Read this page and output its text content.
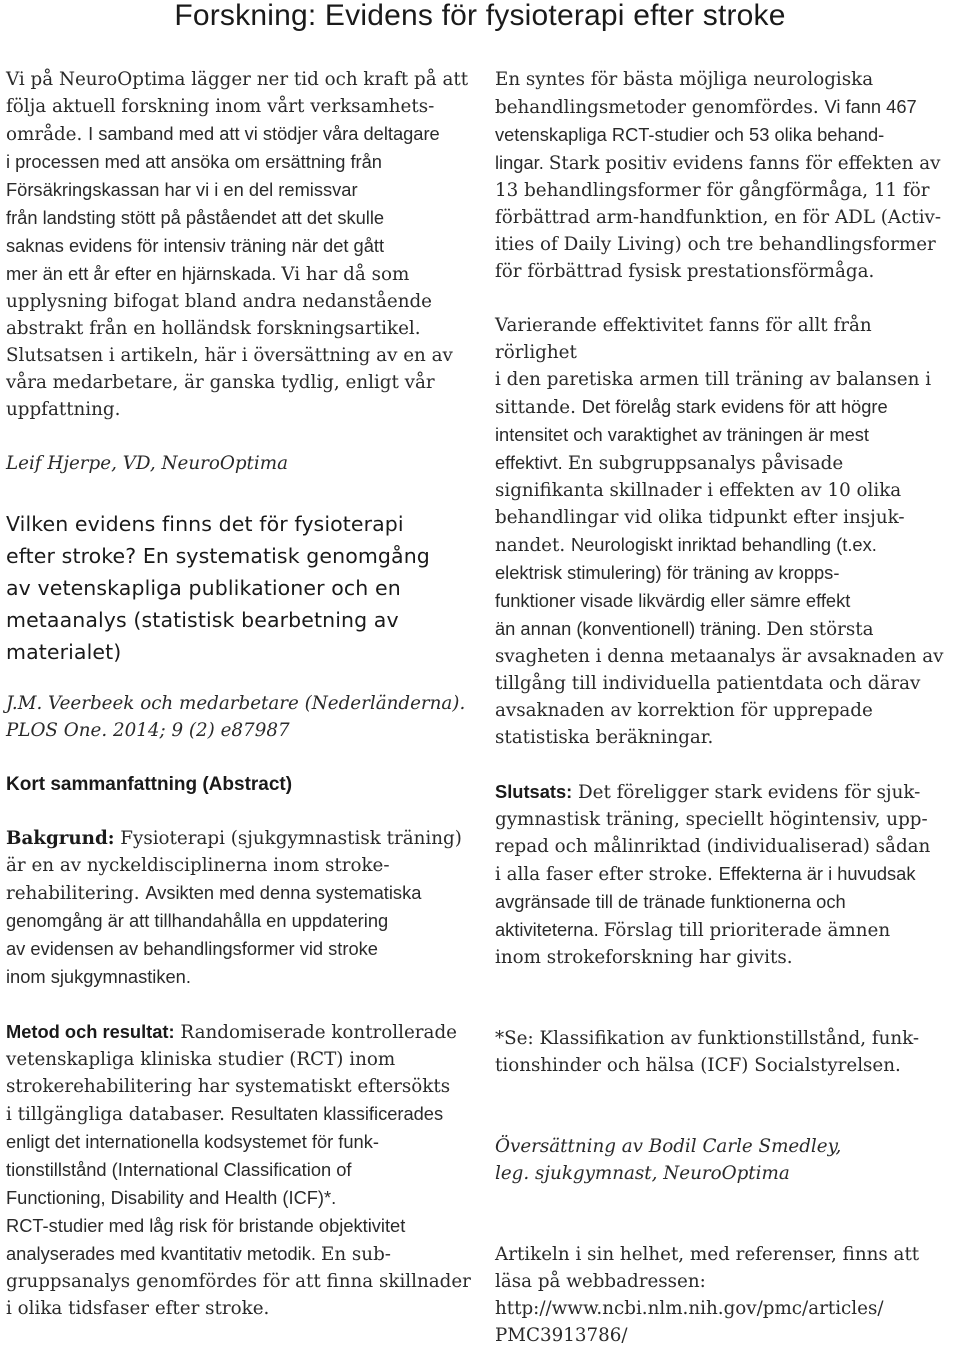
Forskning: Evidens för fysioterapi efter stroke

Vi på NeuroOptima lägger ner tid och kraft på att
följa aktuell forskning inom vårt verksamhets-
område. I samband med att vi stödjer våra deltagare
i processen med att ansöka om ersättning från
Försäkringskassan har vi i en del remissvar
från landsting stött på påståendet att det skulle
saknas evidens för intensiv träning när det gått
mer än ett år efter en hjärnskada. Vi har då som
upplysning bifogat bland andra nedanstående
abstrakt från en holländsk forskningsartikel.
Slutsatsen i artikeln, här i översättning av en av
våra medarbetare, är ganska tydlig, enligt vår
uppfattning.

Leif Hjerpe, VD, NeuroOptima

Vilken evidens finns det för fysioterapi
efter stroke? En systematisk genomgång
av vetenskapliga publikationer och en
metaanalys (statistisk bearbetning av
materialet)

J.M. Veerbeek och medarbetare (Nederländerna).
PLOS One. 2014; 9 (2) e87987

Kort sammanfattning (Abstract)

Bakgrund: Fysioterapi (sjukgymnastisk träning)
är en av nyckeldisciplinerna inom stroke-
rehabilitering. Avsikten med denna systematiska
genomgång är att tillhandahålla en uppdatering
av evidensen av behandlingsformer vid stroke
inom sjukgymnastiken.

Metod och resultat: Randomiserade kontrollerade
vetenskapliga kliniska studier (RCT) inom
strokerehabilitering har systematiskt eftersökts
i tillgängliga databaser. Resultaten klassificerades
enligt det internationella kodsystemet för funk-
tionstillstånd (International Classification of
Functioning, Disability and Health (ICF)*.
RCT-studier med låg risk för bristande objektivitet
analyserades med kvantitativ metodik. En sub-
gruppsanalys genomfördes för att finna skillnader
i olika tidsfaser efter stroke.

En syntes för bästa möjliga neurologiska
behandlingsmetoder genomfördes. Vi fann 467
vetenskapliga RCT-studier och 53 olika behand-
lingar. Stark positiv evidens fanns för effekten av
13 behandlingsformer för gångförmåga, 11 för
förbättrad arm-handfunktion, en för ADL (Activ-
ities of Daily Living) och tre behandlingsformer
för förbättrad fysisk prestationsförmåga.

Varierande effektivitet fanns för allt från rörlighet
i den paretiska armen till träning av balansen i
sittande. Det förelåg stark evidens för att högre
intensitet och varaktighet av träningen är mest
effektivt. En subgruppsanalys påvisade
signifikanta skillnader i effekten av 10 olika
behandlingar vid olika tidpunkt efter insjuk-
nandet. Neurologiskt inriktad behandling (t.ex.
elektrisk stimulering) för träning av kropps-
funktioner visade likvärdig eller sämre effekt
än annan (konventionell) träning. Den största
svagheten i denna metaanalys är avsaknaden av
tillgång till individuella patientdata och därav
avsaknaden av korrektion för upprepade
statistiska beräkningar.

Slutsats: Det föreligger stark evidens för sjuk-
gymnastisk träning, speciellt högintensiv, upp-
repad och målinriktad (individualiserad) sådan
i alla faser efter stroke. Effekterna är i huvudsak
avgränsade till de tränade funktionerna och
aktiviteterna. Förslag till prioriterade ämnen
inom strokeforskning har givits.

*Se: Klassifikation av funktionstillstånd, funk-
tionshinder och hälsa (ICF) Socialstyrelsen.

Översättning av Bodil Carle Smedley,
leg. sjukgymnast, NeuroOptima

Artikeln i sin helhet, med referenser, finns att
läsa på webbadressen:

http://www.ncbi.nlm.nih.gov/pmc/articles/
PMC3913786/
